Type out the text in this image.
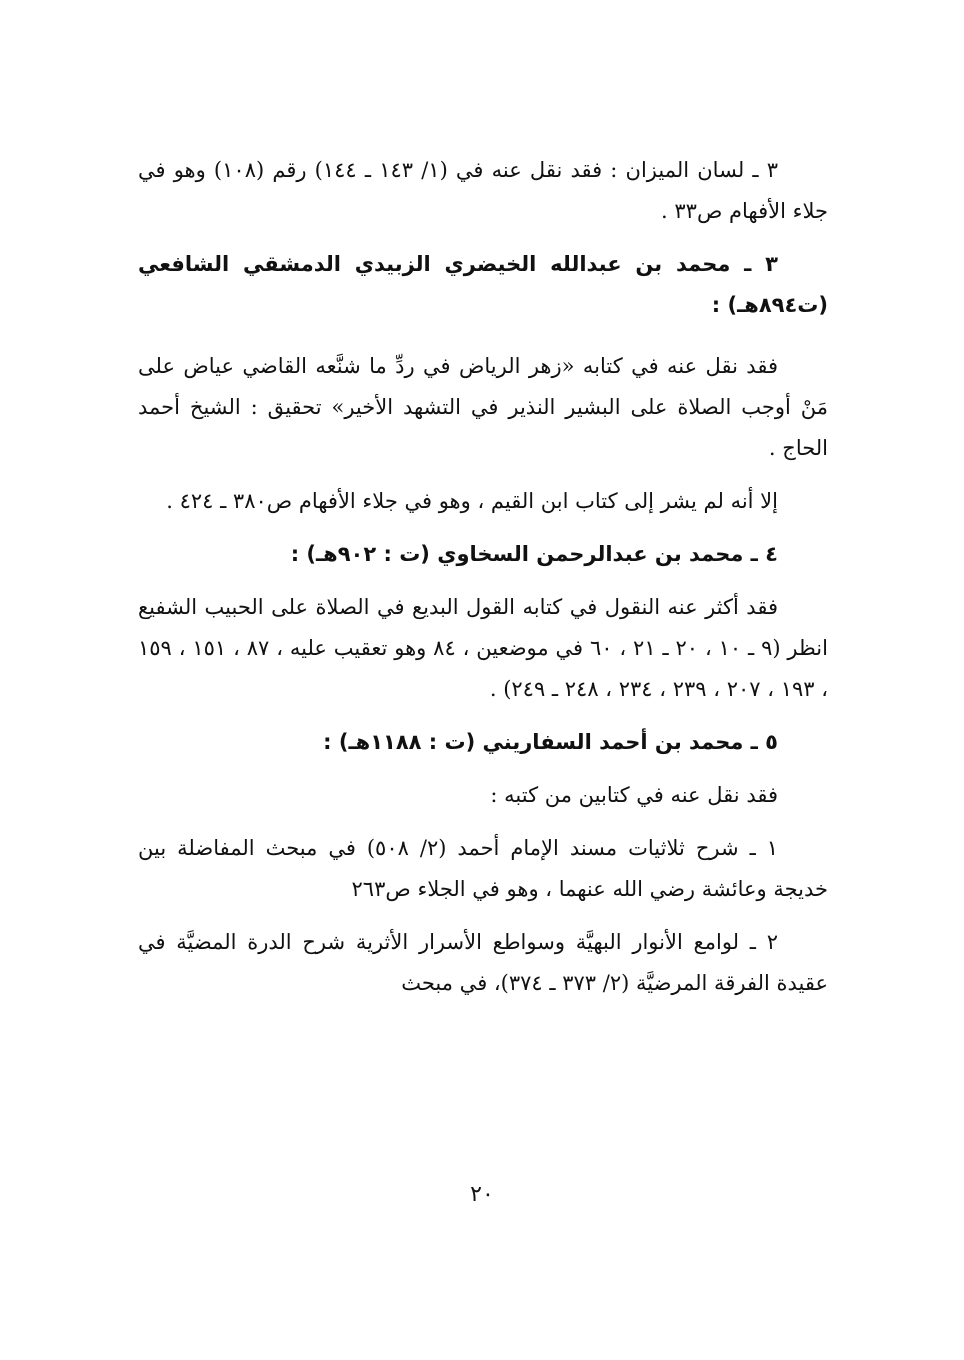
٣ ـ لسان الميزان : فقد نقل عنه في (١/ ١٤٣ ـ ١٤٤) رقم (١٠٨) وهو في جلاء الأفهام ص٣٣ .

٣ ـ محمد بن عبدالله الخيضري الزبيدي الدمشقي الشافعي (ت٨٩٤هـ) :

فقد نقل عنه في كتابه «زهر الرياض في ردِّ ما شنَّعه القاضي عياض على مَنْ أوجب الصلاة على البشير النذير في التشهد الأخير» تحقيق : الشيخ أحمد الحاج .

إلا أنه لم يشر إلى كتاب ابن القيم ، وهو في جلاء الأفهام ص٣٨٠ ـ ٤٢٤ .

٤ ـ محمد بن عبدالرحمن السخاوي (ت : ٩٠٢هـ) :

فقد أكثر عنه النقول في كتابه القول البديع في الصلاة على الحبيب الشفيع انظر (٩ ـ ١٠ ، ٢٠ ـ ٢١ ، ٦٠ في موضعين ، ٨٤ وهو تعقيب عليه ، ٨٧ ، ١٥١ ، ١٥٩ ، ١٩٣ ، ٢٠٧ ، ٢٣٩ ، ٢٣٤ ، ٢٤٨ ـ ٢٤٩) .

٥ ـ محمد بن أحمد السفاريني (ت : ١١٨٨هـ) :

فقد نقل عنه في كتابين من كتبه :

١ ـ شرح ثلاثيات مسند الإمام أحمد (٢/ ٥٠٨) في مبحث المفاضلة بين خديجة وعائشة رضي الله عنهما ، وهو في الجلاء ص٢٦٣

٢ ـ لوامع الأنوار البهيَّة وسواطع الأسرار الأثرية شرح الدرة المضيَّة في عقيدة الفرقة المرضيَّة (٢/ ٣٧٣ ـ ٣٧٤)، في مبحث

٢٠
